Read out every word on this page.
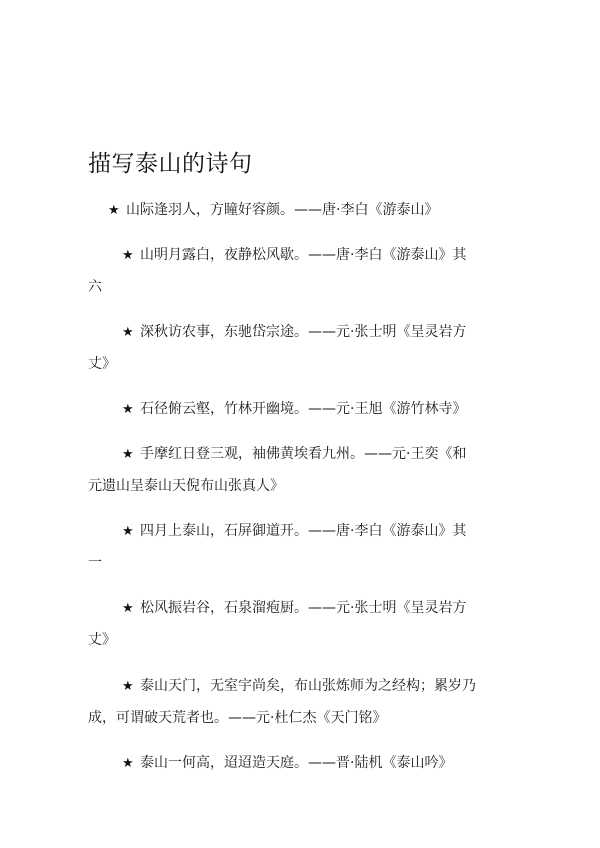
描写泰山的诗句
★ 山际逢羽人，方瞳好容颜。——唐·李白《游泰山》
★ 山明月露白，夜静松风歇。——唐·李白《游泰山》其
六
★ 深秋访农事，东驰岱宗途。——元·张士明《呈灵岩方
丈》
★ 石径俯云壑，竹林开幽境。——元·王旭《游竹林寺》
★ 手摩红日登三观，袖佛黄埃看九州。——元·王奕《和
元遗山呈泰山天倪布山张真人》
★ 四月上泰山，石屏御道开。——唐·李白《游泰山》其
一
★ 松风振岩谷，石泉溜疱厨。——元·张士明《呈灵岩方
丈》
★ 泰山天门，无室宇尚矣，布山张炼师为之经构；累岁乃
成，可谓破天荒者也。——元·杜仁杰《天门铭》
★ 泰山一何高，迢迢造天庭。——晋·陆机《泰山吟》
